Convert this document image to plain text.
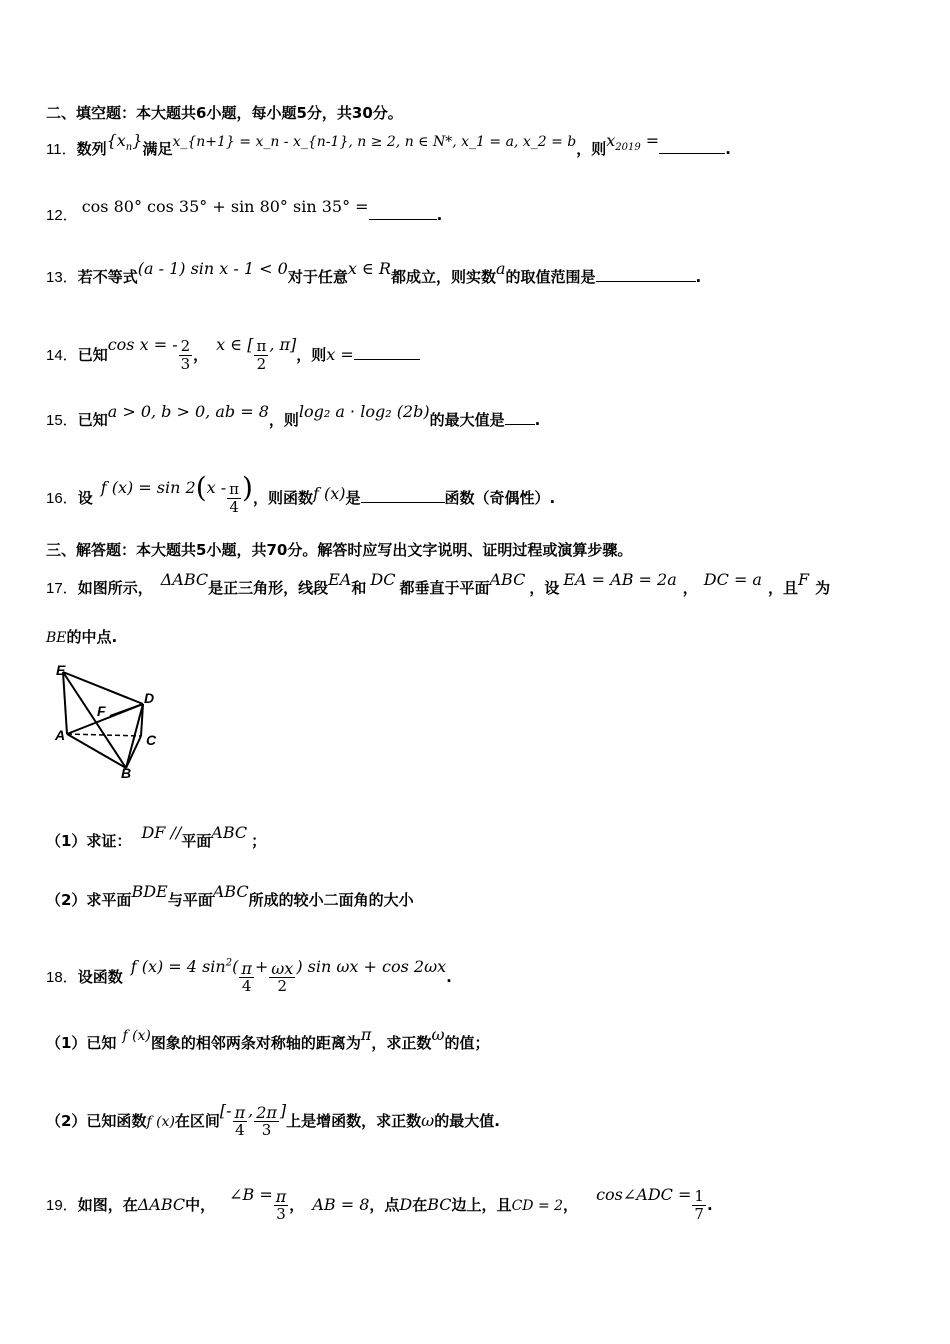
二、填空题：本大题共6小题，每小题5分，共30分。
11．数列$\{x_n\}$满足x_{n+1} = x_n - x_{n-1}, n ≥ 2, n ∈ N*, x_1 = a, x_2 = b，则$x_{2019}$ =	.
12． cos 80° cos 35° + sin 80° sin 35° =	.
13．若不等式(a - 1) sin x - 1 < 0对于任意x ∈ R都成立，则实数a的取值范围是	.
14．已知cos x = - $\frac{2}{3}$ ，x ∈ [ $\frac{\pi}{2}$ , π]，则x =
15．已知a > 0, b > 0, ab = 8，则log₂ a · log₂ (2b)的最大值是 .
16．设f $(x) = \sin 2(x - \frac{\pi}{4}$ )，则函数f (x)是	函数（奇偶性）.
三、解答题：本大题共5小题，共70分。解答时应写出文字说明、证明过程或演算步骤。
17．如图所示， ΔABC是正三角形，线段EA和 DC 都垂直于平面ABC ，设 EA = AB = 2a ， DC = a ，且F 为
BE的中点.
E
D
F
A	C
B
（1）求证： DF //平面ABC ；
（2）求平面BDE与平面ABC所成的较小二面角的大小
18．设函数f (x) = 4 $\sin^2( \frac{\pi}{4} + \frac{\omega x}{2}$ ) sin ωx + cos 2ωx.
（1）已知 f (x)图象的相邻两条对称轴的距离为π，求正数ω的值；
（2）已知函数f (x)在区间[- $\frac{\pi}{4}$ , $\frac{2\pi}{3}$ ]上是增函数，求正数ω的最大值.
19．如图，在ΔABC中，∠B = $\frac{\pi}{3}$ ， AB = 8，点D在BC边上，且CD = 2，cos∠ADC = $\frac{1}{7}$ .
